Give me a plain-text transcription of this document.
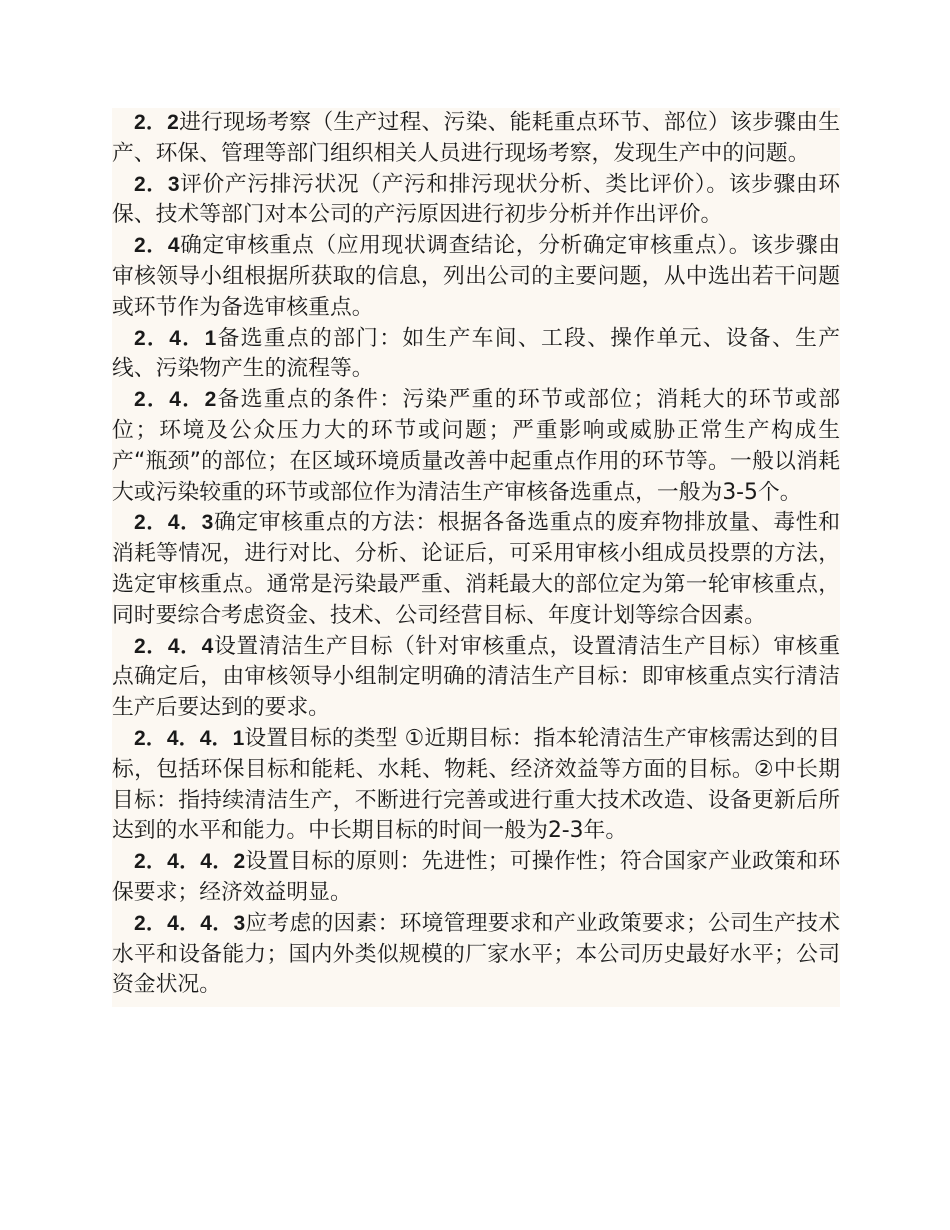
2．2进行现场考察（生产过程、污染、能耗重点环节、部位）该步骤由生产、环保、管理等部门组织相关人员进行现场考察，发现生产中的问题。

2．3评价产污排污状况（产污和排污现状分析、类比评价）。该步骤由环保、技术等部门对本公司的产污原因进行初步分析并作出评价。

2．4确定审核重点（应用现状调查结论，分析确定审核重点）。该步骤由审核领导小组根据所获取的信息，列出公司的主要问题，从中选出若干问题或环节作为备选审核重点。

2．4．1备选重点的部门：如生产车间、工段、操作单元、设备、生产线、污染物产生的流程等。

2．4．2备选重点的条件：污染严重的环节或部位；消耗大的环节或部位；环境及公众压力大的环节或问题；严重影响或威胁正常生产构成生产“瓶颈”的部位；在区域环境质量改善中起重点作用的环节等。一般以消耗大或污染较重的环节或部位作为清洁生产审核备选重点，一般为3-5个。

2．4．3确定审核重点的方法：根据各备选重点的废弃物排放量、毒性和消耗等情况，进行对比、分析、论证后，可采用审核小组成员投票的方法，选定审核重点。通常是污染最严重、消耗最大的部位定为第一轮审核重点，同时要综合考虑资金、技术、公司经营目标、年度计划等综合因素。

2．4．4设置清洁生产目标（针对审核重点，设置清洁生产目标）审核重点确定后，由审核领导小组制定明确的清洁生产目标：即审核重点实行清洁生产后要达到的要求。

2．4．4．1设置目标的类型 ①近期目标：指本轮清洁生产审核需达到的目标，包括环保目标和能耗、水耗、物耗、经济效益等方面的目标。②中长期目标：指持续清洁生产，不断进行完善或进行重大技术改造、设备更新后所达到的水平和能力。中长期目标的时间一般为2-3年。

2．4．4．2设置目标的原则：先进性；可操作性；符合国家产业政策和环保要求；经济效益明显。

2．4．4．3应考虑的因素：环境管理要求和产业政策要求；公司生产技术水平和设备能力；国内外类似规模的厂家水平；本公司历史最好水平；公司资金状况。
